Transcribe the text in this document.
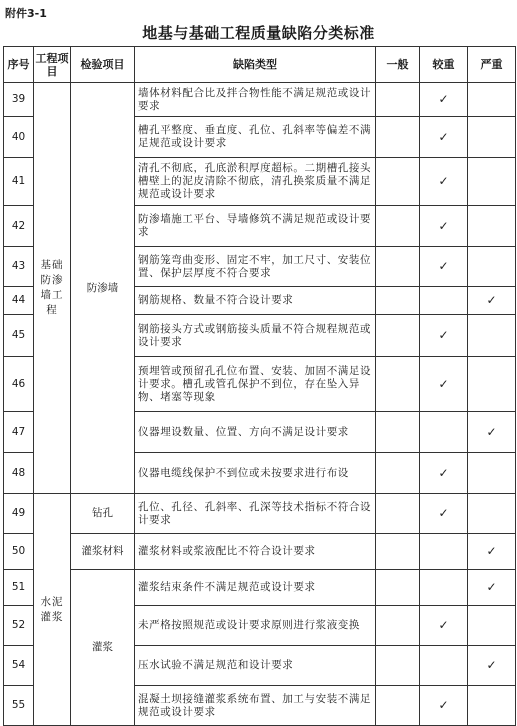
附件3-1
地基与基础工程质量缺陷分类标准
序号	工程项目	检验项目	缺陷类型	一般	较重	严重
39	基础防渗墙工程	防渗墙	墙体材料配合比及拌合物性能不满足规范或设计要求		✓	
40			槽孔平整度、垂直度、孔位、孔斜率等偏差不满足规范或设计要求		✓	
41			清孔不彻底，孔底淤积厚度超标。二期槽孔接头槽壁上的泥皮清除不彻底，清孔换浆质量不满足规范或设计要求		✓	
42			防渗墙施工平台、导墙修筑不满足规范或设计要求		✓	
43			钢筋笼弯曲变形、固定不牢，加工尺寸、安装位置、保护层厚度不符合要求		✓	
44			钢筋规格、数量不符合设计要求			✓
45			钢筋接头方式或钢筋接头质量不符合规程规范或设计要求		✓	
46			预埋管或预留孔孔位布置、安装、加固不满足设计要求。槽孔或管孔保护不到位，存在坠入异物、堵塞等现象		✓	
47			仪器埋设数量、位置、方向不满足设计要求			✓
48			仪器电缆线保护不到位或未按要求进行布设		✓	
49	水泥灌浆	钻孔	孔位、孔径、孔斜率、孔深等技术指标不符合设计要求		✓	
50		灌浆材料	灌浆材料或浆液配比不符合设计要求			✓
51		灌浆	灌浆结束条件不满足规范或设计要求			✓
52			未严格按照规范或设计要求原则进行浆液变换		✓	
54			压水试验不满足规范和设计要求			✓
55			混凝土坝接缝灌浆系统布置、加工与安装不满足规范或设计要求		✓	
